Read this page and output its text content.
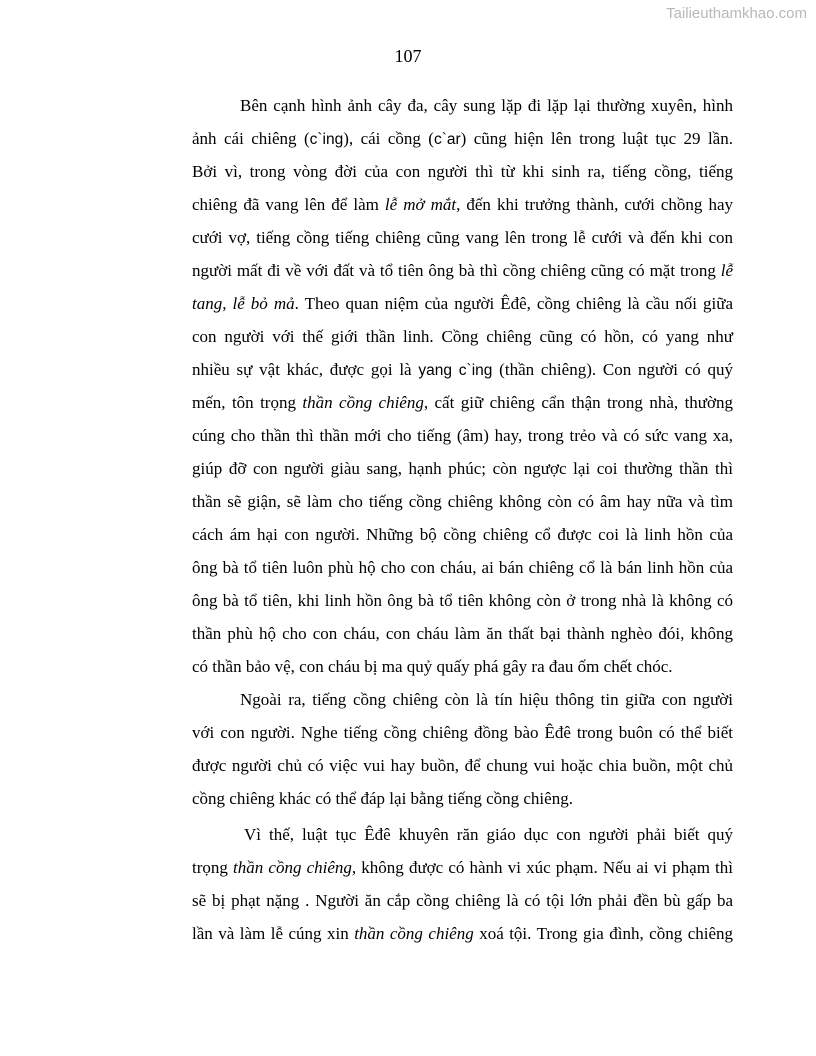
Tailieuthamkhao.com
107
Bên cạnh hình ảnh cây đa, cây sung lặp đi lặp lại thường xuyên, hình
ảnh cái chiêng (c`ing), cái cồng (c`ar) cũng hiện lên trong luật tục 29 lần.
Bởi vì, trong vòng đời của con người thì từ khi sinh ra, tiếng cồng, tiếng
chiêng đã vang lên để làm lễ mở mắt, đến khi trưởng thành, cưới chồng hay
cưới vợ, tiếng cồng tiếng chiêng cũng vang lên trong lễ cưới và đến khi con
người mất đi về với đất và tổ tiên ông bà thì cồng chiêng cũng có mặt trong lễ
tang, lễ bỏ mả. Theo quan niệm của người Êđê, cồng chiêng là cầu nối giữa
con người với thế giới thần linh. Cồng chiêng cũng có hồn, có yang như
nhiều sự vật khác, được gọi là yang c`ing (thần chiêng). Con người có quý
mến, tôn trọng thần cồng chiêng, cất giữ chiêng cẩn thận trong nhà, thường
cúng cho thần thì thần mới cho tiếng (âm) hay, trong trẻo và có sức vang xa,
giúp đỡ con người giàu sang, hạnh phúc; còn ngược lại coi thường thần thì
thần sẽ giận, sẽ làm cho tiếng cồng chiêng không còn có âm hay nữa và tìm
cách ám hại con người. Những bộ cồng chiêng cổ được coi là linh hồn của
ông bà tổ tiên luôn phù hộ cho con cháu, ai bán chiêng cổ là bán linh hồn của
ông bà tổ tiên, khi linh hồn ông bà tổ tiên không còn ở trong nhà là không có
thần phù hộ cho con cháu, con cháu làm ăn thất bại thành nghèo đói, không
có thần bảo vệ, con cháu bị ma quỷ quấy phá gây ra đau ốm chết chóc.
Ngoài ra, tiếng cồng chiêng còn là tín hiệu thông tin giữa con người
với con người. Nghe tiếng cồng chiêng đồng bào Êđê trong buôn có thể biết
được người chủ có việc vui hay buồn, để chung vui hoặc chia buồn, một chủ
cồng chiêng khác có thể đáp lại bằng tiếng cồng chiêng.
Vì thế, luật tục Êđê khuyên răn giáo dục con người phải biết quý
trọng thần cồng chiêng, không được có hành vi xúc phạm. Nếu ai vi phạm thì
sẽ bị phạt nặng . Người ăn cắp cồng chiêng là có tội lớn phải đền bù gấp ba
lần và làm lễ cúng xin thần cồng chiêng xoá tội. Trong gia đình, cồng chiêng
